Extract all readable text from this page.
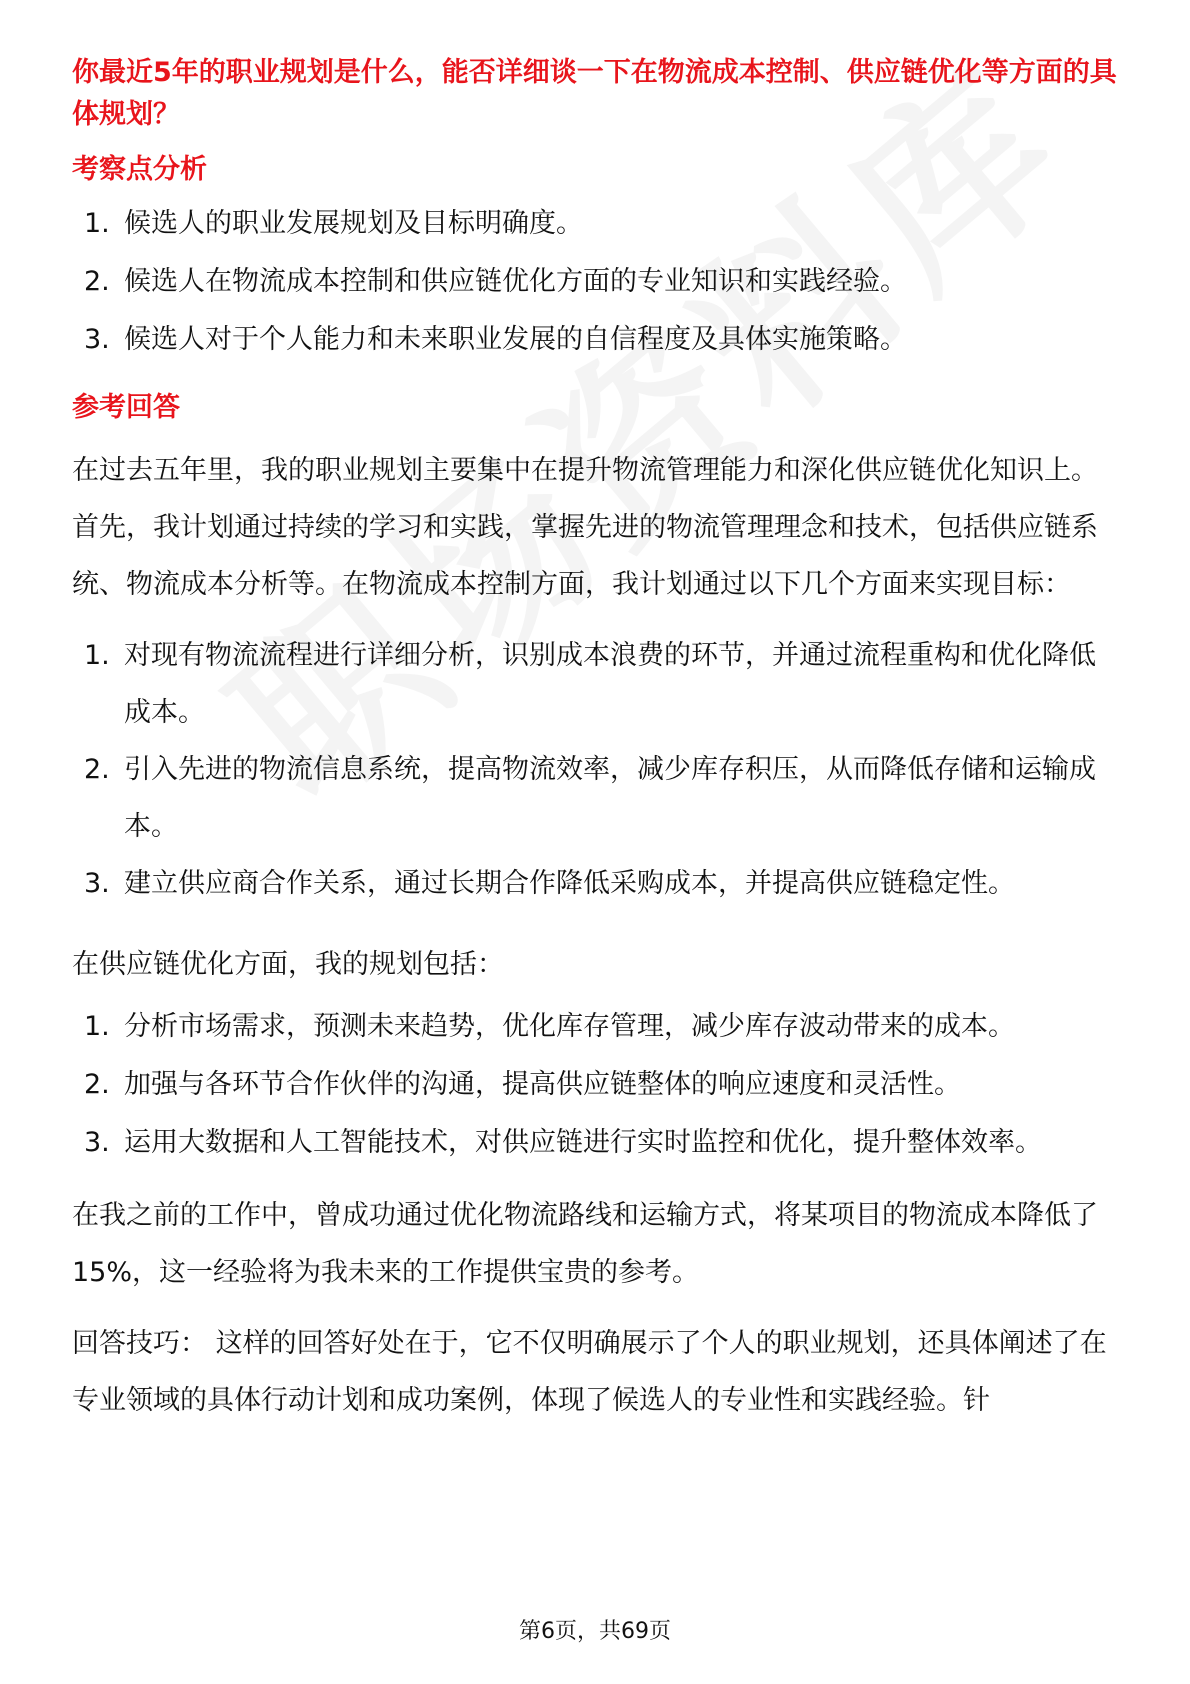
你最近5年的职业规划是什么，能否详细谈一下在物流成本控制、供应链优化等方面的具体规划？

考察点分析
1. 候选人的职业发展规划及目标明确度。
2. 候选人在物流成本控制和供应链优化方面的专业知识和实践经验。
3. 候选人对于个人能力和未来职业发展的自信程度及具体实施策略。
参考回答

在过去五年里，我的职业规划主要集中在提升物流管理能力和深化供应链优化知识上。首先，我计划通过持续的学习和实践，掌握先进的物流管理理念和技术，包括供应链系统、物流成本分析等。在物流成本控制方面，我计划通过以下几个方面来实现目标：

1. 对现有物流流程进行详细分析，识别成本浪费的环节，并通过流程重构和优化降低成本。
2. 引入先进的物流信息系统，提高物流效率，减少库存积压，从而降低存储和运输成本。
3. 建立供应商合作关系，通过长期合作降低采购成本，并提高供应链稳定性。

在供应链优化方面，我的规划包括：

1. 分析市场需求，预测未来趋势，优化库存管理，减少库存波动带来的成本。
2. 加强与各环节合作伙伴的沟通，提高供应链整体的响应速度和灵活性。
3. 运用大数据和人工智能技术，对供应链进行实时监控和优化，提升整体效率。

在我之前的工作中，曾成功通过优化物流路线和运输方式，将某项目的物流成本降低了15%，这一经验将为我未来的工作提供宝贵的参考。

回答技巧： 这样的回答好处在于，它不仅明确展示了个人的职业规划，还具体阐述了在专业领域的具体行动计划和成功案例，体现了候选人的专业性和实践经验。针

第6页，共69页
